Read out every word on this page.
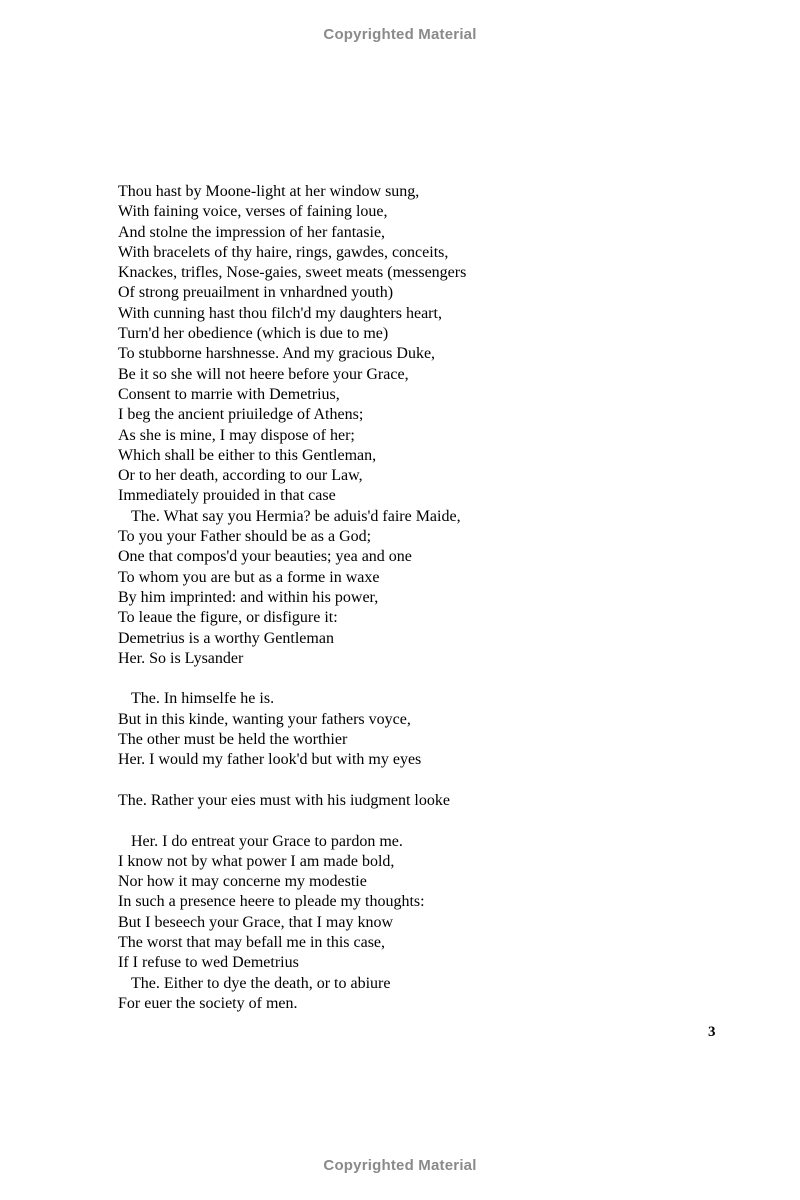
Copyrighted Material
Thou hast by Moone-light at her window sung,
With faining voice, verses of faining loue,
And stolne the impression of her fantasie,
With bracelets of thy haire, rings, gawdes, conceits,
Knackes, trifles, Nose-gaies, sweet meats (messengers
Of strong preuailment in vnhardned youth)
With cunning hast thou filch'd my daughters heart,
Turn'd her obedience (which is due to me)
To stubborne harshnesse. And my gracious Duke,
Be it so she will not heere before your Grace,
Consent to marrie with Demetrius,
I beg the ancient priuiledge of Athens;
As she is mine, I may dispose of her;
Which shall be either to this Gentleman,
Or to her death, according to our Law,
Immediately prouided in that case
The. What say you Hermia? be aduis'd faire Maide,
To you your Father should be as a God;
One that compos'd your beauties; yea and one
To whom you are but as a forme in waxe
By him imprinted: and within his power,
To leaue the figure, or disfigure it:
Demetrius is a worthy Gentleman
Her. So is Lysander
The. In himselfe he is.
But in this kinde, wanting your fathers voyce,
The other must be held the worthier
Her. I would my father look'd but with my eyes
The. Rather your eies must with his iudgment looke
Her. I do entreat your Grace to pardon me.
I know not by what power I am made bold,
Nor how it may concerne my modestie
In such a presence heere to pleade my thoughts:
But I beseech your Grace, that I may know
The worst that may befall me in this case,
If I refuse to wed Demetrius
The. Either to dye the death, or to abiure
For euer the society of men.
3
Copyrighted Material
